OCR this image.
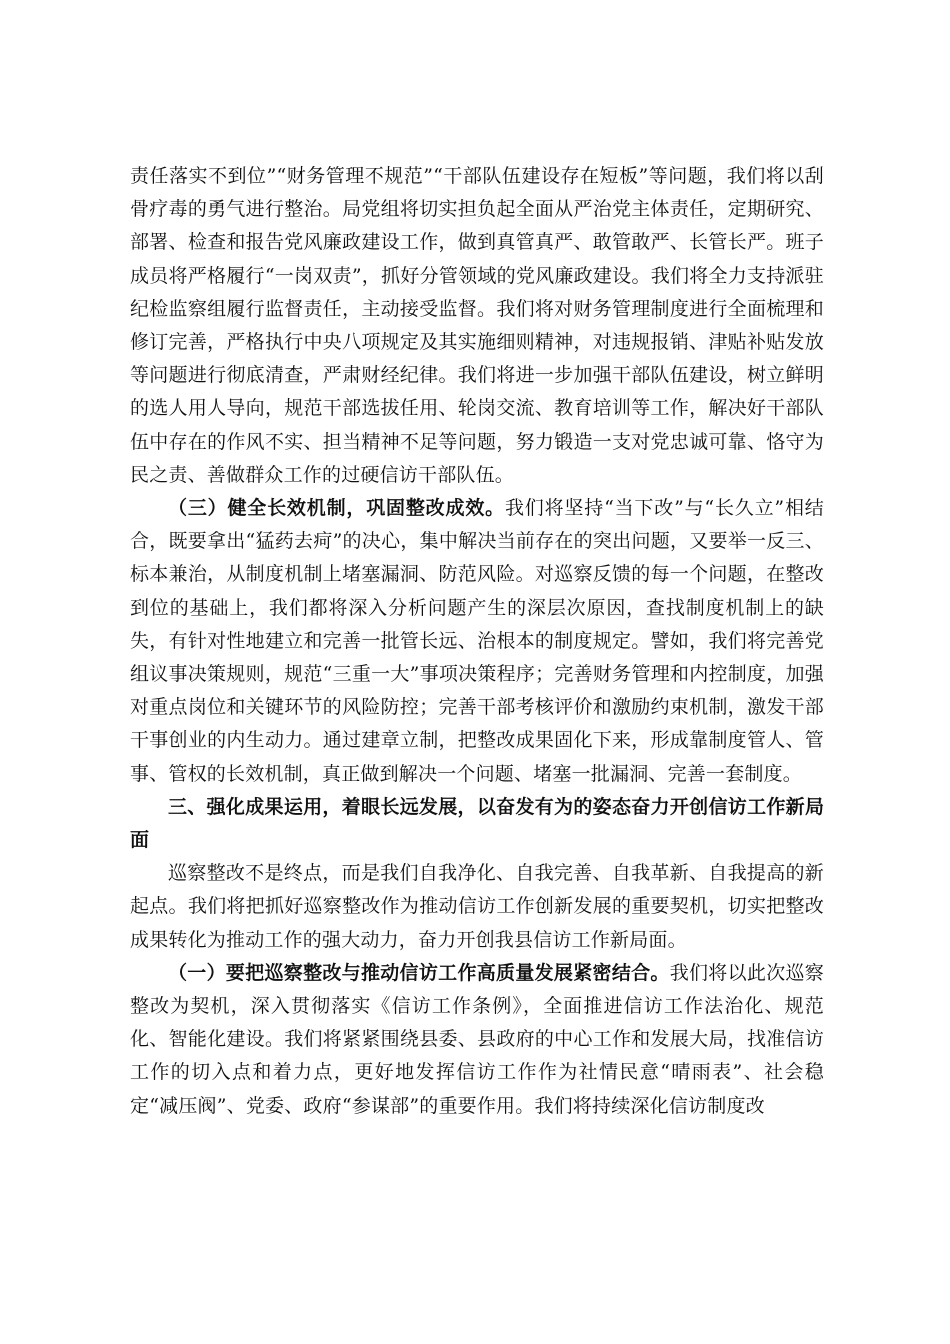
责任落实不到位”“财务管理不规范”“干部队伍建设存在短板”等问题，我们将以刮骨疗毒的勇气进行整治。局党组将切实担负起全面从严治党主体责任，定期研究、部署、检查和报告党风廉政建设工作，做到真管真严、敢管敢严、长管长严。班子成员将严格履行“一岗双责”，抓好分管领域的党风廉政建设。我们将全力支持派驻纪检监察组履行监督责任，主动接受监督。我们将对财务管理制度进行全面梳理和修订完善，严格执行中央八项规定及其实施细则精神，对违规报销、津贴补贴发放等问题进行彻底清查，严肃财经纪律。我们将进一步加强干部队伍建设，树立鲜明的选人用人导向，规范干部选拔任用、轮岗交流、教育培训等工作，解决好干部队伍中存在的作风不实、担当精神不足等问题，努力锻造一支对党忠诚可靠、恪守为民之责、善做群众工作的过硬信访干部队伍。

（三）健全长效机制，巩固整改成效。我们将坚持“当下改”与“长久立”相结合，既要拿出“猛药去疴”的决心，集中解决当前存在的突出问题，又要举一反三、标本兼治，从制度机制上堵塞漏洞、防范风险。对巡察反馈的每一个问题，在整改到位的基础上，我们都将深入分析问题产生的深层次原因，查找制度机制上的缺失，有针对性地建立和完善一批管长远、治根本的制度规定。譬如，我们将完善党组议事决策规则，规范“三重一大”事项决策程序；完善财务管理和内控制度，加强对重点岗位和关键环节的风险防控；完善干部考核评价和激励约束机制，激发干部干事创业的内生动力。通过建章立制，把整改成果固化下来，形成靠制度管人、管事、管权的长效机制，真正做到解决一个问题、堵塞一批漏洞、完善一套制度。

三、强化成果运用，着眼长远发展，以奋发有为的姿态奋力开创信访工作新局面

巡察整改不是终点，而是我们自我净化、自我完善、自我革新、自我提高的新起点。我们将把抓好巡察整改作为推动信访工作创新发展的重要契机，切实把整改成果转化为推动工作的强大动力，奋力开创我县信访工作新局面。

（一）要把巡察整改与推动信访工作高质量发展紧密结合。我们将以此次巡察整改为契机，深入贯彻落实《信访工作条例》，全面推进信访工作法治化、规范化、智能化建设。我们将紧紧围绕县委、县政府的中心工作和发展大局，找准信访工作的切入点和着力点，更好地发挥信访工作作为社情民意“晴雨表”、社会稳定“减压阀”、党委、政府“参谋部”的重要作用。我们将持续深化信访制度改
